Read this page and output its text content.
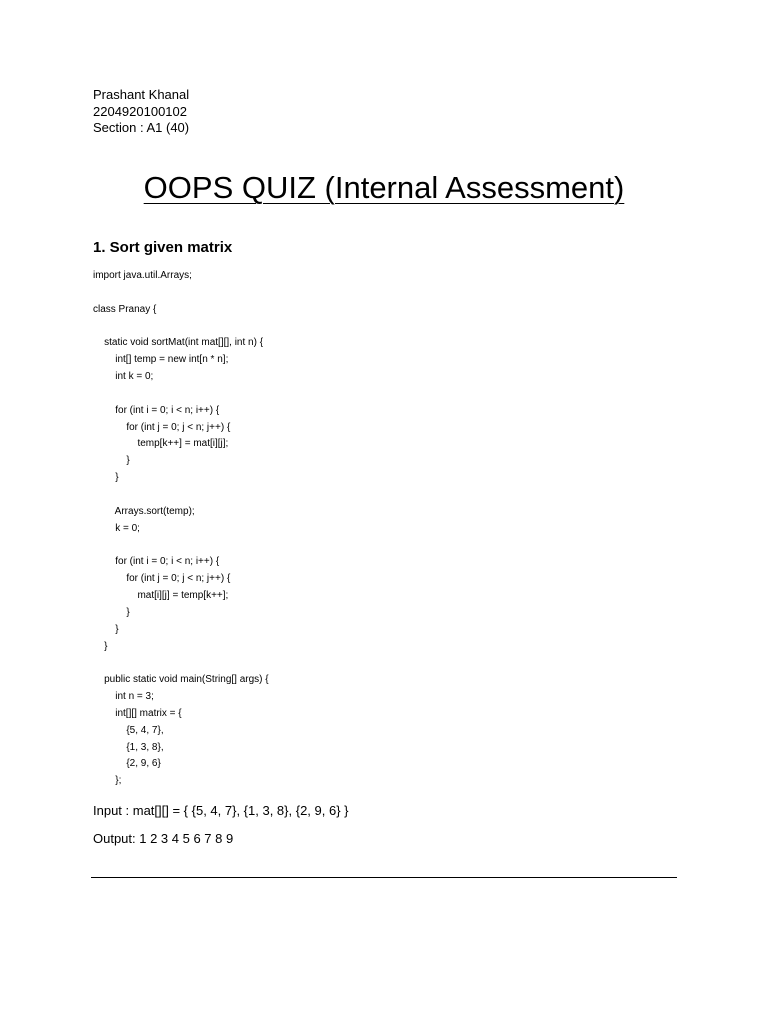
Prashant Khanal
2204920100102
Section : A1 (40)
OOPS QUIZ (Internal Assessment)
1. Sort given matrix
import java.util.Arrays;
class Pranay {
static void sortMat(int mat[][], int n) {
int[] temp = new int[n * n];
int k = 0;
for (int i = 0; i < n; i++) {
for (int j = 0; j < n; j++) {
temp[k++] = mat[i][j];
}
}
Arrays.sort(temp);
k = 0;
for (int i = 0; i < n; i++) {
for (int j = 0; j < n; j++) {
mat[i][j] = temp[k++];
}
}
}
public static void main(String[] args) {
int n = 3;
int[][] matrix = {
{5, 4, 7},
{1, 3, 8},
{2, 9, 6}
};
Input : mat[][] = { {5, 4, 7}, {1, 3, 8}, {2, 9, 6} }
Output: 1 2 3 4 5 6 7 8 9
